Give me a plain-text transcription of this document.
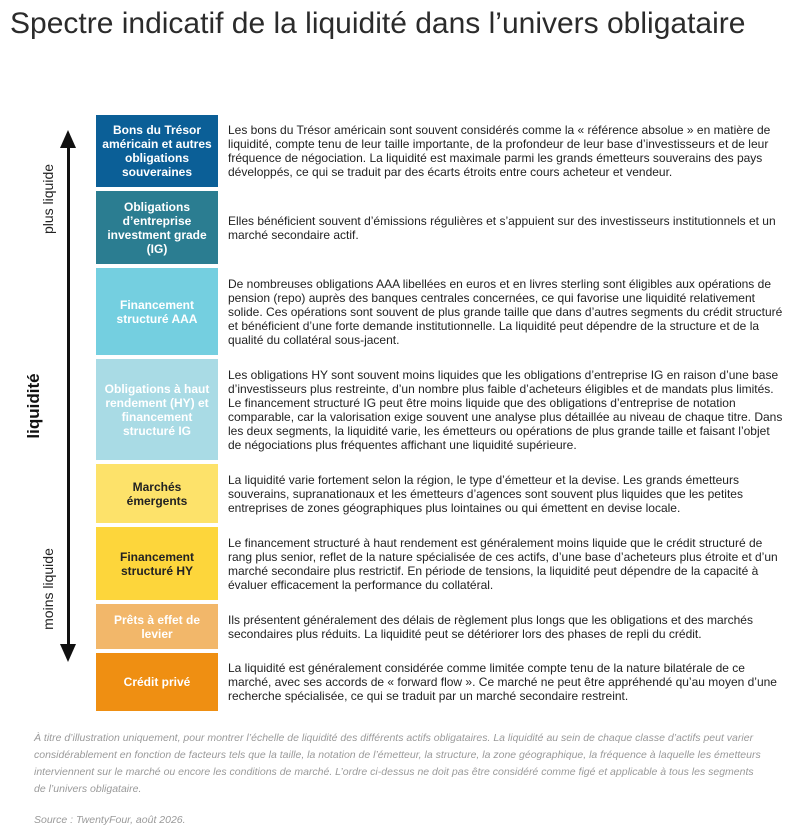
Spectre indicatif de la liquidité dans l’univers obligataire
plus liquide
liquidité
moins liquide
Bons du Trésor américain et autres obligations souveraines
Les bons du Trésor américain sont souvent considérés comme la « référence absolue » en matière de liquidité, compte tenu de leur taille importante, de la profondeur de leur base d’investisseurs et de leur fréquence de négociation. La liquidité est maximale parmi les grands émetteurs souverains des pays développés, ce qui se traduit par des écarts étroits entre cours acheteur et vendeur.
Obligations d’entreprise investment grade (IG)
Elles bénéficient souvent d’émissions régulières et s’appuient sur des investisseurs institutionnels et un marché secondaire actif.
Financement structuré AAA
De nombreuses obligations AAA libellées en euros et en livres sterling sont éligibles aux opérations de pension (repo) auprès des banques centrales concernées, ce qui favorise une liquidité relativement solide. Ces opérations sont souvent de plus grande taille que dans d’autres segments du crédit structuré et bénéficient d’une forte demande institutionnelle. La liquidité peut dépendre de la structure et de la qualité du collatéral sous-jacent.
Obligations à haut rendement (HY) et financement structuré IG
Les obligations HY sont souvent moins liquides que les obligations d’entreprise IG en raison d’une base d’investisseurs plus restreinte, d’un nombre plus faible d’acheteurs éligibles et de mandats plus limités. Le financement structuré IG peut être moins liquide que des obligations d’entreprise de notation comparable, car la valorisation exige souvent une analyse plus détaillée au niveau de chaque titre. Dans les deux segments, la liquidité varie, les émetteurs ou opérations de plus grande taille et faisant l’objet de négociations plus fréquentes affichant une liquidité supérieure.
Marchés émergents
La liquidité varie fortement selon la région, le type d’émetteur et la devise. Les grands émetteurs souverains, supranationaux et les émetteurs d’agences sont souvent plus liquides que les petites entreprises de zones géographiques plus lointaines ou qui émettent en devise locale.
Financement structuré HY
Le financement structuré à haut rendement est généralement moins liquide que le crédit structuré de rang plus senior, reflet de la nature spécialisée de ces actifs, d’une base d’acheteurs plus étroite et d’un marché secondaire plus restrictif. En période de tensions, la liquidité peut dépendre de la capacité à évaluer efficacement la performance du collatéral.
Prêts à effet de levier
Ils présentent généralement des délais de règlement plus longs que les obligations et des marchés secondaires plus réduits. La liquidité peut se détériorer lors des phases de repli du crédit.
Crédit privé
La liquidité est généralement considérée comme limitée compte tenu de la nature bilatérale de ce marché, avec ses accords de « forward flow ». Ce marché ne peut être appréhendé qu’au moyen d’une recherche spécialisée, ce qui se traduit par un marché secondaire restreint.
À titre d’illustration uniquement, pour montrer l’échelle de liquidité des différents actifs obligataires. La liquidité au sein de chaque classe d’actifs peut varier considérablement en fonction de facteurs tels que la taille, la notation de l’émetteur, la structure, la zone géographique, la fréquence à laquelle les émetteurs interviennent sur le marché ou encore les conditions de marché. L’ordre ci-dessus ne doit pas être considéré comme figé et applicable à tous les segments de l’univers obligataire.
Source : TwentyFour, août 2026.
